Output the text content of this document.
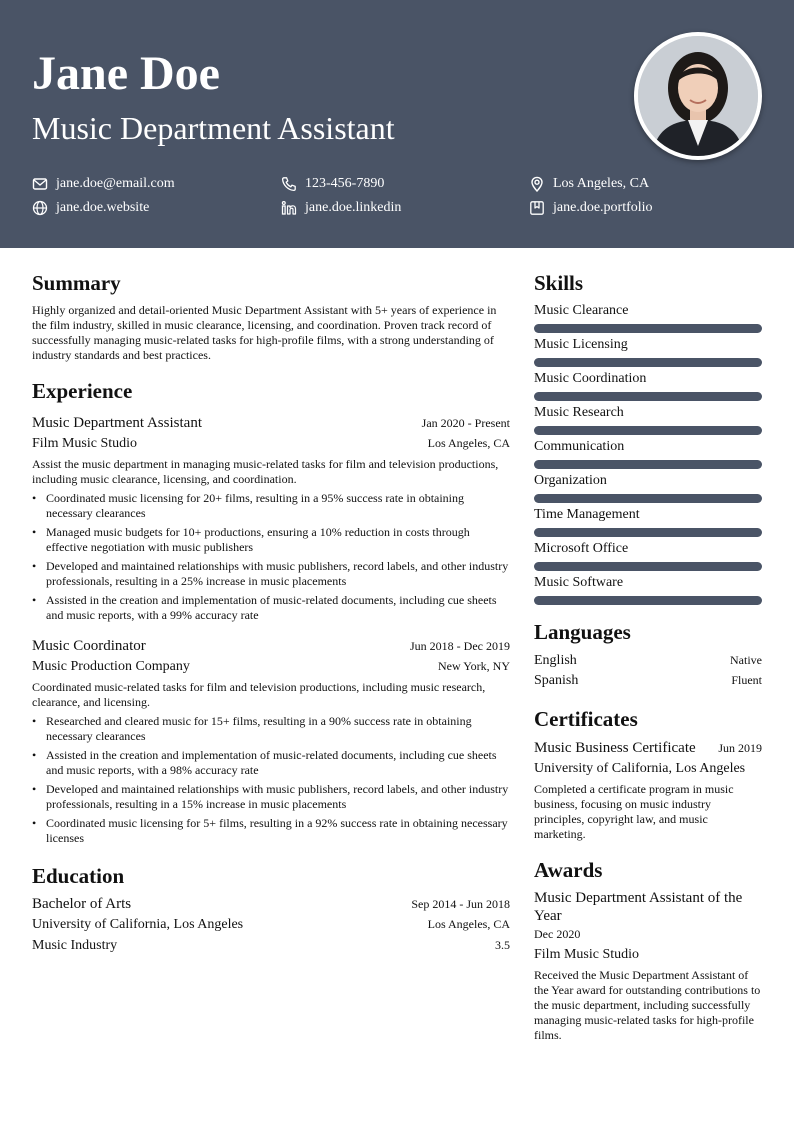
Jane Doe
Music Department Assistant
jane.doe@email.com	123-456-7890	Los Angeles, CA
jane.doe.website	jane.doe.linkedin	jane.doe.portfolio
Summary

Highly organized and detail-oriented Music Department Assistant with 5+ years of experience in the film industry, skilled in music clearance, licensing, and coordination. Proven track record of successfully managing music-related tasks for high-profile films, with a strong understanding of industry standards and best practices.

Experience
Music Department Assistant	Jan 2020 - Present
Film Music Studio	Los Angeles, CA

Assist the music department in managing music-related tasks for film and television productions, including music clearance, licensing, and coordination.

• Coordinated music licensing for 20+ films, resulting in a 95% success rate in obtaining necessary clearances
• Managed music budgets for 10+ productions, ensuring a 10% reduction in costs through effective negotiation with music publishers
• Developed and maintained relationships with music publishers, record labels, and other industry professionals, resulting in a 25% increase in music placements
• Assisted in the creation and implementation of music-related documents, including cue sheets and music reports, with a 99% accuracy rate
Music Coordinator	Jun 2018 - Dec 2019
Music Production Company	New York, NY

Coordinated music-related tasks for film and television productions, including music research, clearance, and licensing.

• Researched and cleared music for 15+ films, resulting in a 90% success rate in obtaining necessary clearances
• Assisted in the creation and implementation of music-related documents, including cue sheets and music reports, with a 98% accuracy rate
• Developed and maintained relationships with music publishers, record labels, and other industry professionals, resulting in a 15% increase in music placements
• Coordinated music licensing for 5+ films, resulting in a 92% success rate in obtaining necessary licenses
Education
Bachelor of Arts	Sep 2014 - Jun 2018
University of California, Los Angeles	Los Angeles, CA
Music Industry	3.5
Skills
Music Clearance
Music Licensing
Music Coordination
Music Research
Communication
Organization
Time Management
Microsoft Office
Music Software
Languages
English	Native
Spanish	Fluent
Certificates
Music Business Certificate Jun 2019
University of California, Los Angeles

Completed a certificate program in music business, focusing on music industry principles, copyright law, and music marketing.

Awards
Music Department Assistant of the Year
Dec 2020
Film Music Studio

Received the Music Department Assistant of the Year award for outstanding contributions to the music department, including successfully managing music-related tasks for high-profile films.
